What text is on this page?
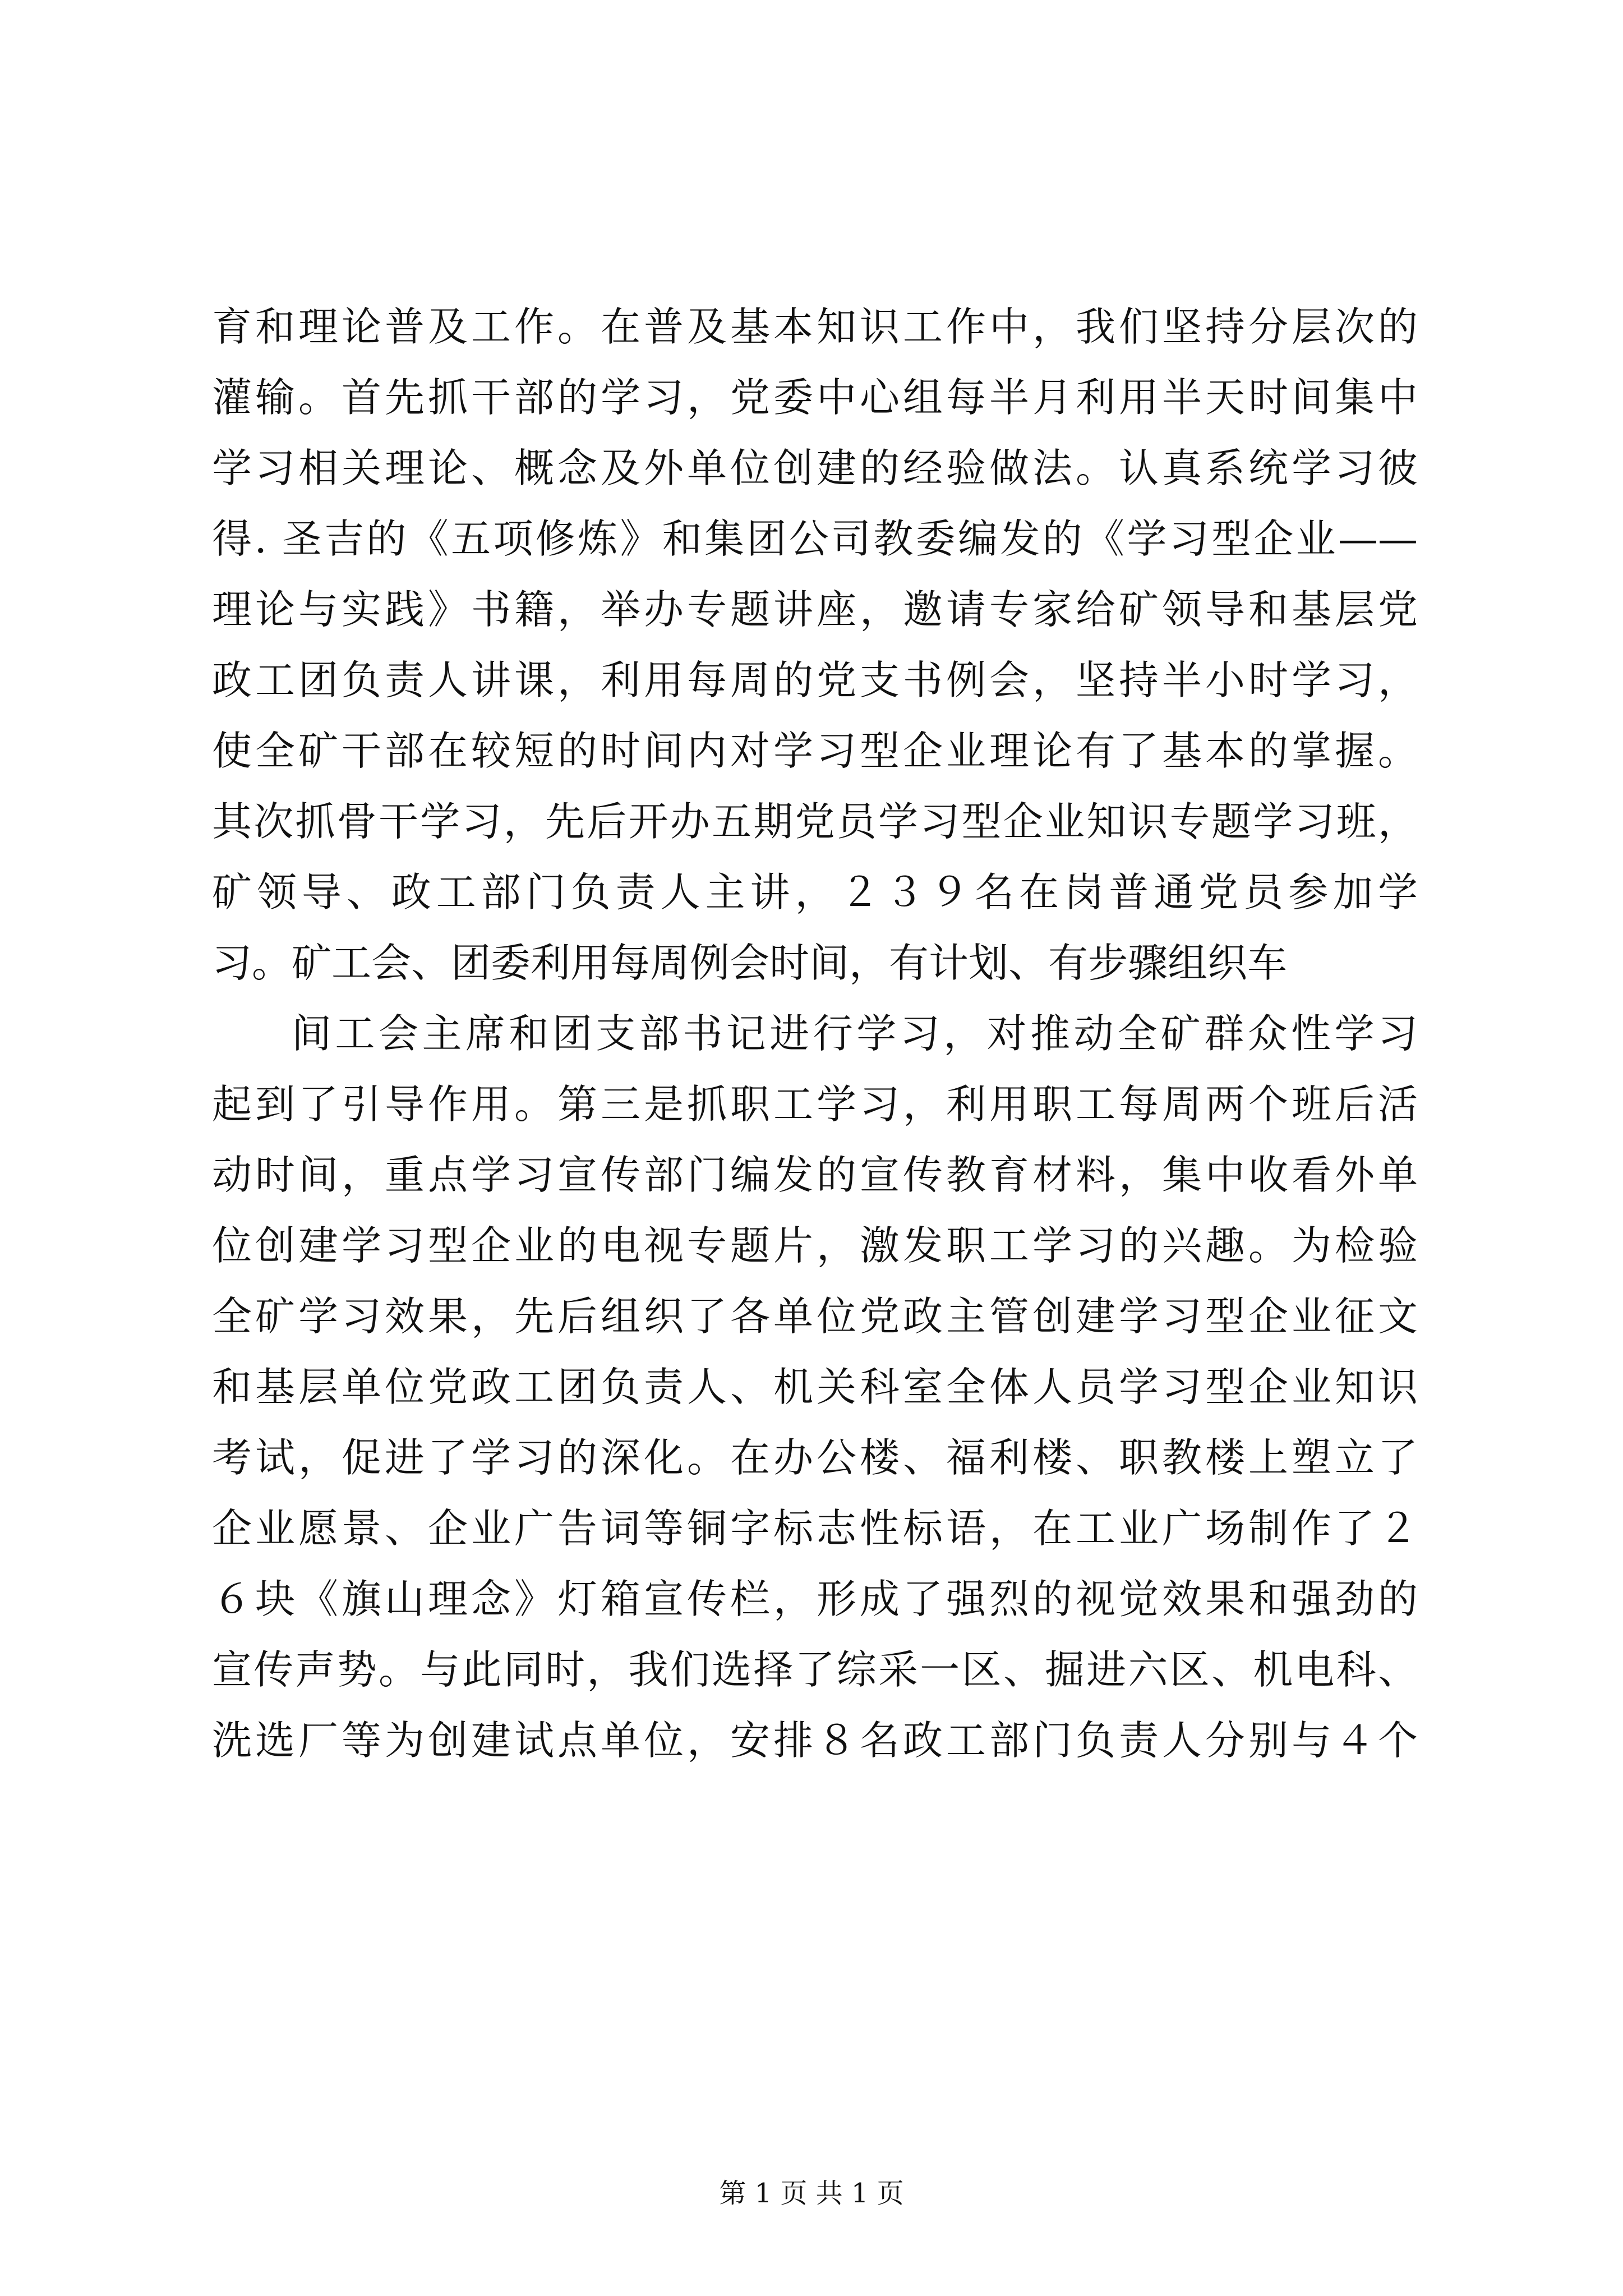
育和理论普及工作。在普及基本知识工作中，我们坚持分层次的
灌输。首先抓干部的学习，党委中心组每半月利用半天时间集中
学习相关理论、概念及外单位创建的经验做法。认真系统学习彼
得. 圣吉的《五项修炼》和集团公司教委编发的《学习型企业——
理论与实践》书籍，举办专题讲座，邀请专家给矿领导和基层党
政工团负责人讲课，利用每周的党支书例会，坚持半小时学习，
使全矿干部在较短的时间内对学习型企业理论有了基本的掌握。
其次抓骨干学习，先后开办五期党员学习型企业知识专题学习班，
矿领导、政工部门负责人主讲，２３９名在岗普通党员参加学
习。矿工会、团委利用每周例会时间，有计划、有步骤组织车
间工会主席和团支部书记进行学习，对推动全矿群众性学习
起到了引导作用。第三是抓职工学习，利用职工每周两个班后活
动时间，重点学习宣传部门编发的宣传教育材料，集中收看外单
位创建学习型企业的电视专题片，激发职工学习的兴趣。为检验
全矿学习效果，先后组织了各单位党政主管创建学习型企业征文
和基层单位党政工团负责人、机关科室全体人员学习型企业知识
考试，促进了学习的深化。在办公楼、福利楼、职教楼上塑立了
企业愿景、企业广告词等铜字标志性标语，在工业广场制作了２
６块《旗山理念》灯箱宣传栏，形成了强烈的视觉效果和强劲的
宣传声势。与此同时，我们选择了综采一区、掘进六区、机电科、
洗选厂等为创建试点单位，安排８名政工部门负责人分别与４个
第 1 页 共 1 页
